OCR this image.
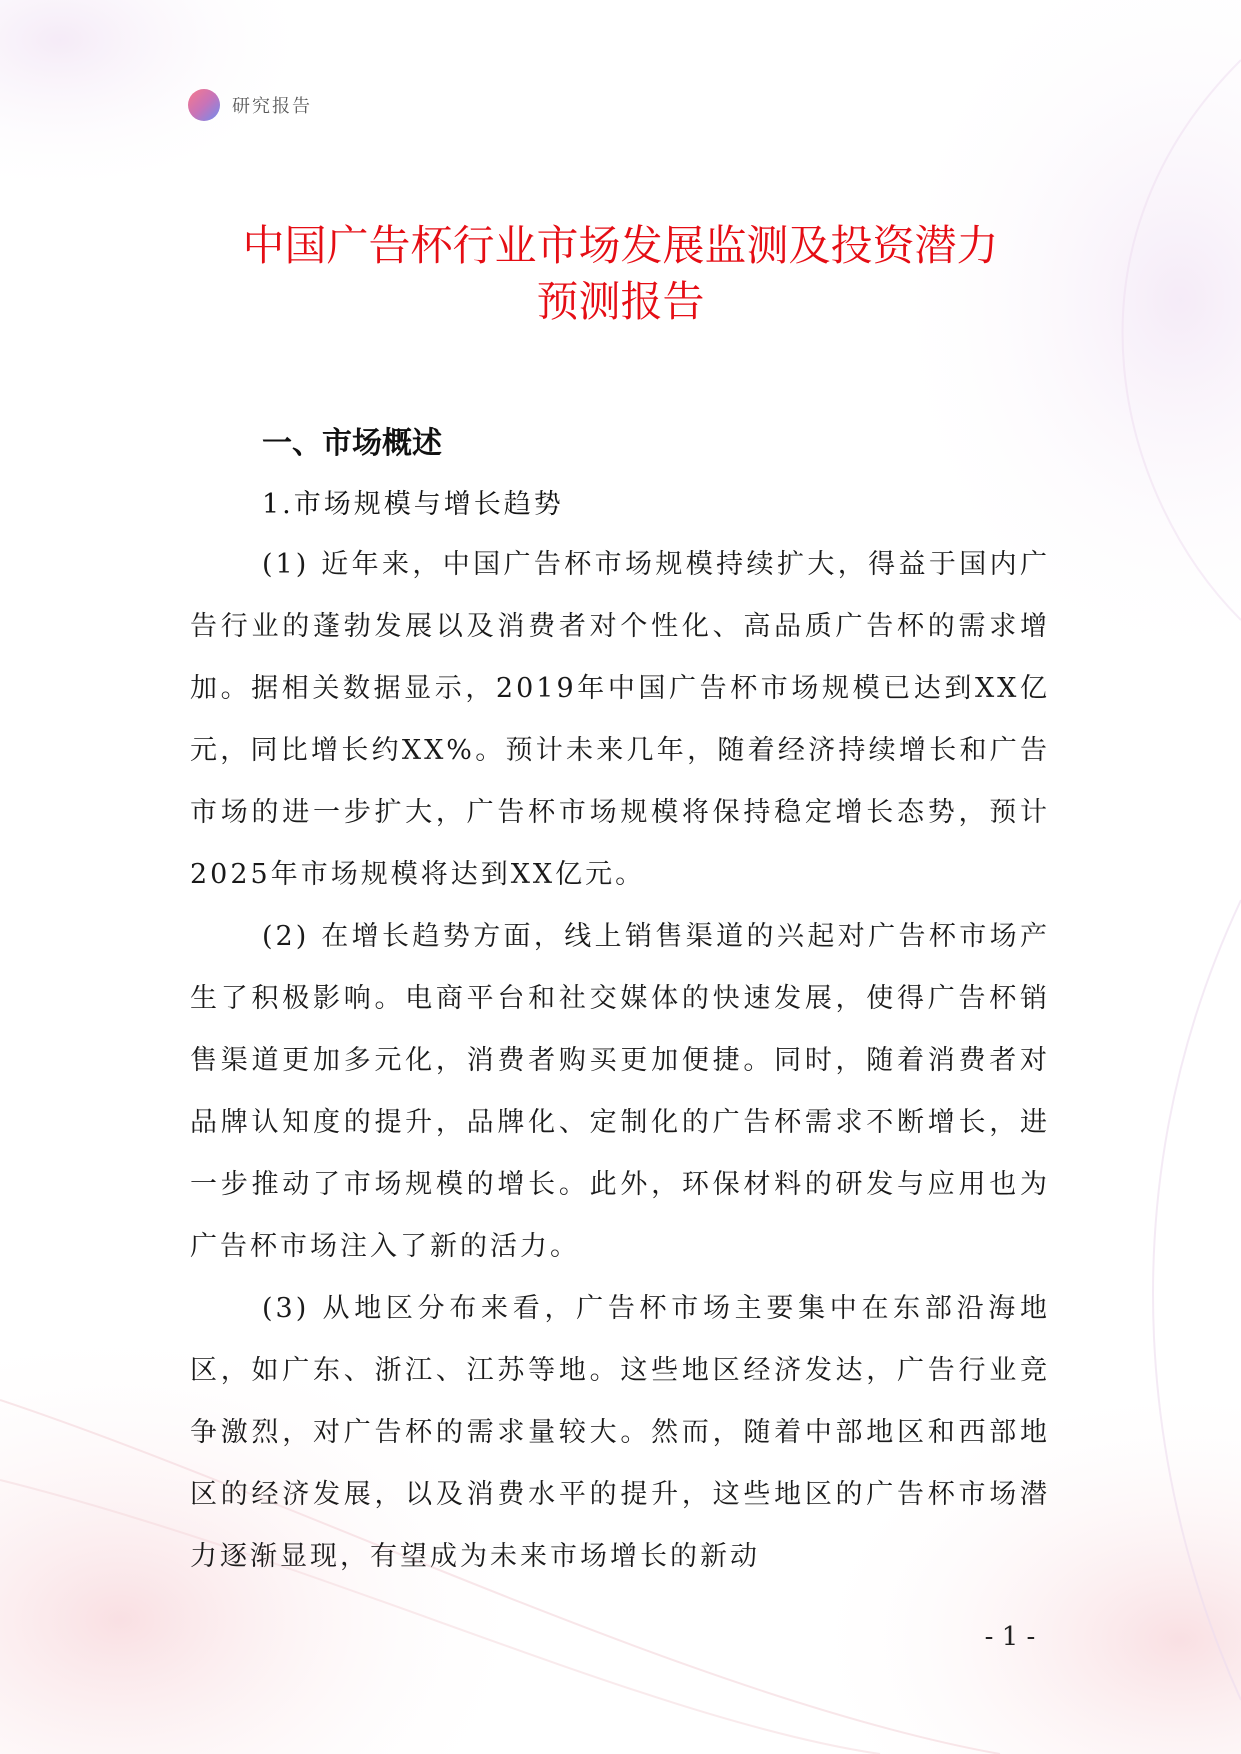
研究报告
中国广告杯行业市场发展监测及投资潜力
预测报告
一、市场概述
1.市场规模与增长趋势

(1) 近年来，中国广告杯市场规模持续扩大，得益于国内广告行业的蓬勃发展以及消费者对个性化、高品质广告杯的需求增加。据相关数据显示，2019年中国广告杯市场规模已达到XX亿元，同比增长约XX%。预计未来几年，随着经济持续增长和广告市场的进一步扩大，广告杯市场规模将保持稳定增长态势，预计2025年市场规模将达到XX亿元。

(2) 在增长趋势方面，线上销售渠道的兴起对广告杯市场产生了积极影响。电商平台和社交媒体的快速发展，使得广告杯销售渠道更加多元化，消费者购买更加便捷。同时，随着消费者对品牌认知度的提升，品牌化、定制化的广告杯需求不断增长，进一步推动了市场规模的增长。此外，环保材料的研发与应用也为广告杯市场注入了新的活力。

(3) 从地区分布来看，广告杯市场主要集中在东部沿海地区，如广东、浙江、江苏等地。这些地区经济发达，广告行业竞争激烈，对广告杯的需求量较大。然而，随着中部地区和西部地区的经济发展，以及消费水平的提升，这些地区的广告杯市场潜力逐渐显现，有望成为未来市场增长的新动

- 1 -
